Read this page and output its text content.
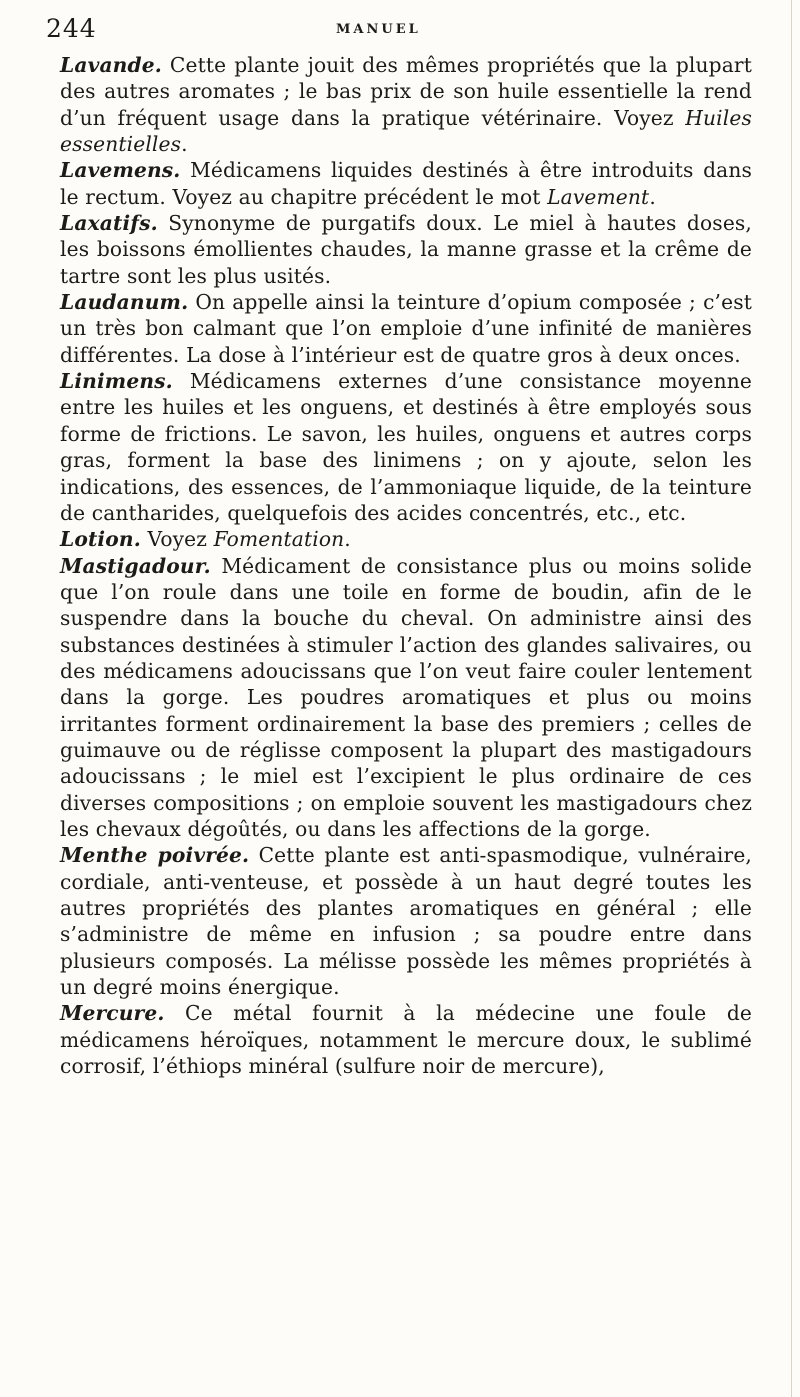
244	MANUEL

Lavande. Cette plante jouit des mêmes propriétés que la plupart des autres aromates ; le bas prix de son huile essentielle la rend d’un fréquent usage dans la pratique vétérinaire. Voyez Huiles essentielles.

Lavemens. Médicamens liquides destinés à être introduits dans le rectum. Voyez au chapitre précédent le mot Lavement.

Laxatifs. Synonyme de purgatifs doux. Le miel à hautes doses, les boissons émollientes chaudes, la manne grasse et la crême de tartre sont les plus usités.

Laudanum. On appelle ainsi la teinture d’opium composée ; c’est un très bon calmant que l’on emploie d’une infinité de manières différentes. La dose à l’intérieur est de quatre gros à deux onces.

Linimens. Médicamens externes d’une consistance moyenne entre les huiles et les onguens, et destinés à être employés sous forme de frictions. Le savon, les huiles, onguens et autres corps gras, forment la base des linimens ; on y ajoute, selon les indications, des essences, de l’ammoniaque liquide, de la teinture de cantharides, quelquefois des acides concentrés, etc., etc.

Lotion. Voyez Fomentation.

Mastigadour. Médicament de consistance plus ou moins solide que l’on roule dans une toile en forme de boudin, afin de le suspendre dans la bouche du cheval. On administre ainsi des substances destinées à stimuler l’action des glandes salivaires, ou des médicamens adoucissans que l’on veut faire couler lentement dans la gorge. Les poudres aromatiques et plus ou moins irritantes forment ordinairement la base des premiers ; celles de guimauve ou de réglisse composent la plupart des mastigadours adoucissans ; le miel est l’excipient le plus ordinaire de ces diverses compositions ; on emploie souvent les mastigadours chez les chevaux dégoûtés, ou dans les affections de la gorge.

Menthe poivrée. Cette plante est anti-spasmodique, vulnéraire, cordiale, anti-venteuse, et possède à un haut degré toutes les autres propriétés des plantes aromatiques en général ; elle s’administre de même en infusion ; sa poudre entre dans plusieurs composés. La mélisse possède les mêmes propriétés à un degré moins énergique.

Mercure. Ce métal fournit à la médecine une foule de médicamens héroïques, notamment le mercure doux, le sublimé corrosif, l’éthiops minéral (sulfure noir de mercure),
